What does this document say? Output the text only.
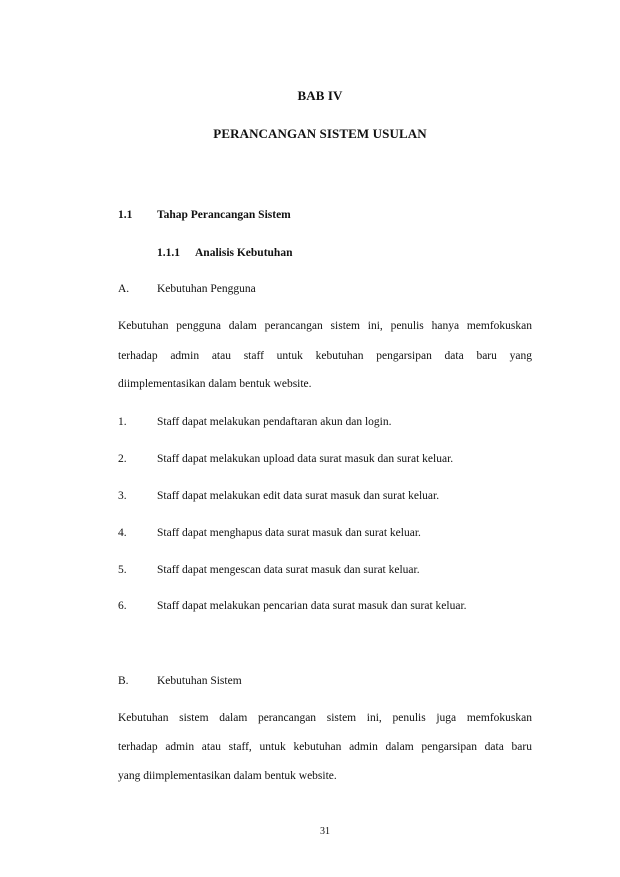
BAB IV
PERANCANGAN SISTEM USULAN
1.1 Tahap Perancangan Sistem
1.1.1 Analisis Kebutuhan
A. Kebutuhan Pengguna
Kebutuhan pengguna dalam perancangan sistem ini, penulis hanya memfokuskan
terhadap admin atau staff untuk kebutuhan pengarsipan data baru yang
diimplementasikan dalam bentuk website.
1.	Staff dapat melakukan pendaftaran akun dan login.
2.	Staff dapat melakukan upload data surat masuk dan surat keluar.
3.	Staff dapat melakukan edit data surat masuk dan surat keluar.
4.	Staff dapat menghapus data surat masuk dan surat keluar.
5.	Staff dapat mengescan data surat masuk dan surat keluar.
6.	Staff dapat melakukan pencarian data surat masuk dan surat keluar.
B. Kebutuhan Sistem
Kebutuhan sistem dalam perancangan sistem ini, penulis juga memfokuskan
terhadap admin atau staff, untuk kebutuhan admin dalam pengarsipan data baru
yang diimplementasikan dalam bentuk website.
31
